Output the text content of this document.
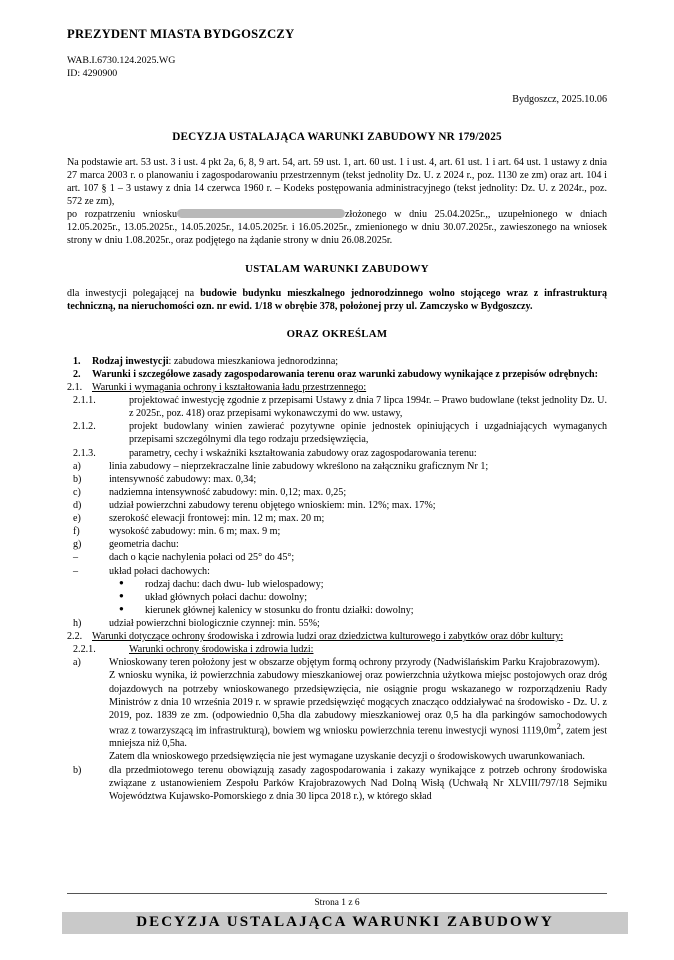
PREZYDENT MIASTA BYDGOSZCZY
WAB.I.6730.124.2025.WG
ID: 4290900
Bydgoszcz, 2025.10.06
DECYZJA USTALAJĄCA WARUNKI ZABUDOWY NR 179/2025

Na podstawie art. 53 ust. 3 i ust. 4 pkt 2a, 6, 8, 9 art. 54, art. 59 ust. 1, art. 60 ust. 1 i ust. 4, art. 61 ust. 1 i art. 64 ust. 1 ustawy z dnia 27 marca 2003 r. o planowaniu i zagospodarowaniu przestrzennym (tekst jednolity Dz. U. z 2024 r., poz. 1130 ze zm) oraz art. 104 i art. 107 § 1 – 3 ustawy z dnia 14 czerwca 1960 r. – Kodeks postępowania administracyjnego (tekst jednolity: Dz. U. z 2024r., poz. 572 ze zm),

po rozpatrzeniu wniosku	złożonego w dniu 25.04.2025r.,, uzupełnionego w dniach 12.05.2025r., 13.05.2025r., 14.05.2025r., 14.05.2025r. i 16.05.2025r., zmienionego w dniu 30.07.2025r., zawieszonego na wniosek strony w dniu 1.08.2025r., oraz podjętego na żądanie strony w dniu 26.08.2025r.

USTALAM WARUNKI ZABUDOWY

dla inwestycji polegającej na budowie budynku mieszkalnego jednorodzinnego wolno stojącego wraz z infrastrukturą techniczną, na nieruchomości ozn. nr ewid. 1/18 w obrębie 378, położonej przy ul. Zamczysko w Bydgoszczy.

ORAZ OKREŚLAM
1. Rodzaj inwestycji: zabudowa mieszkaniowa jednorodzinna;
2. Warunki i szczegółowe zasady zagospodarowania terenu oraz warunki zabudowy wynikające z przepisów odrębnych:
2.1. Warunki i wymagania ochrony i kształtowania ładu przestrzennego:
2.1.1.	projektować inwestycję zgodnie z przepisami Ustawy z dnia 7 lipca 1994r. – Prawo budowlane (tekst jednolity Dz. U. z 2025r., poz. 418) oraz przepisami wykonawczymi do ww. ustawy,
2.1.2.	projekt budowlany winien zawierać pozytywne opinie jednostek opiniujących i uzgadniających wymaganych przepisami szczególnymi dla tego rodzaju przedsięwzięcia,
2.1.3.	parametry, cechy i wskaźniki kształtowania zabudowy oraz zagospodarowania terenu:
a)	linia zabudowy – nieprzekraczalne linie zabudowy wkreślono na załączniku graficznym Nr 1;
b)	intensywność zabudowy: max. 0,34;
c)	nadziemna intensywność zabudowy: min. 0,12; max. 0,25;
d)	udział powierzchni zabudowy terenu objętego wnioskiem: min. 12%; max. 17%;
e)	szerokość elewacji frontowej: min. 12 m; max. 20 m;
f)	wysokość zabudowy: min. 6 m; max. 9 m;
g)	geometria dachu:
–	dach o kącie nachylenia połaci od 25° do 45°;
–	układ połaci dachowych:
● rodzaj dachu: dach dwu- lub wielospadowy;
● układ głównych połaci dachu: dowolny;
● kierunek głównej kalenicy w stosunku do frontu działki: dowolny;
h)	udział powierzchni biologicznie czynnej: min. 55%;
2.2. Warunki dotyczące ochrony środowiska i zdrowia ludzi oraz dziedzictwa kulturowego i zabytków oraz dóbr kultury:
2.2.1.	Warunki ochrony środowiska i zdrowia ludzi:
a)	Wnioskowany teren położony jest w obszarze objętym formą ochrony przyrody (Nadwiślańskim Parku Krajobrazowym).
Z wniosku wynika, iż powierzchnia zabudowy mieszkaniowej oraz powierzchnia użytkowa miejsc postojowych oraz dróg dojazdowych na potrzeby wnioskowanego przedsięwzięcia, nie osiągnie progu wskazanego w rozporządzeniu Rady Ministrów z dnia 10 września 2019 r. w sprawie przedsięwzięć mogących znacząco oddziaływać na środowisko - Dz. U. z 2019, poz. 1839 ze zm. (odpowiednio 0,5ha dla zabudowy mieszkaniowej oraz 0,5 ha dla parkingów samochodowych wraz z towarzyszącą im infrastrukturą), bowiem wg wniosku powierzchnia terenu inwestycji wynosi $1119,0m^2$, zatem jest mniejsza niż 0,5ha.
Zatem dla wnioskowego przedsięwzięcia nie jest wymagane uzyskanie decyzji o środowiskowych uwarunkowaniach.
b)	dla przedmiotowego terenu obowiązują zasady zagospodarowania i zakazy wynikające z potrzeb ochrony środowiska związane z ustanowieniem Zespołu Parków Krajobrazowych Nad Dolną Wisłą (Uchwałą Nr XLVIII/797/18 Sejmiku Województwa Kujawsko-Pomorskiego z dnia 30 lipca 2018 r.), w którego skład
Strona 1 z 6
DECYZJA USTALAJĄCA WARUNKI ZABUDOWY
